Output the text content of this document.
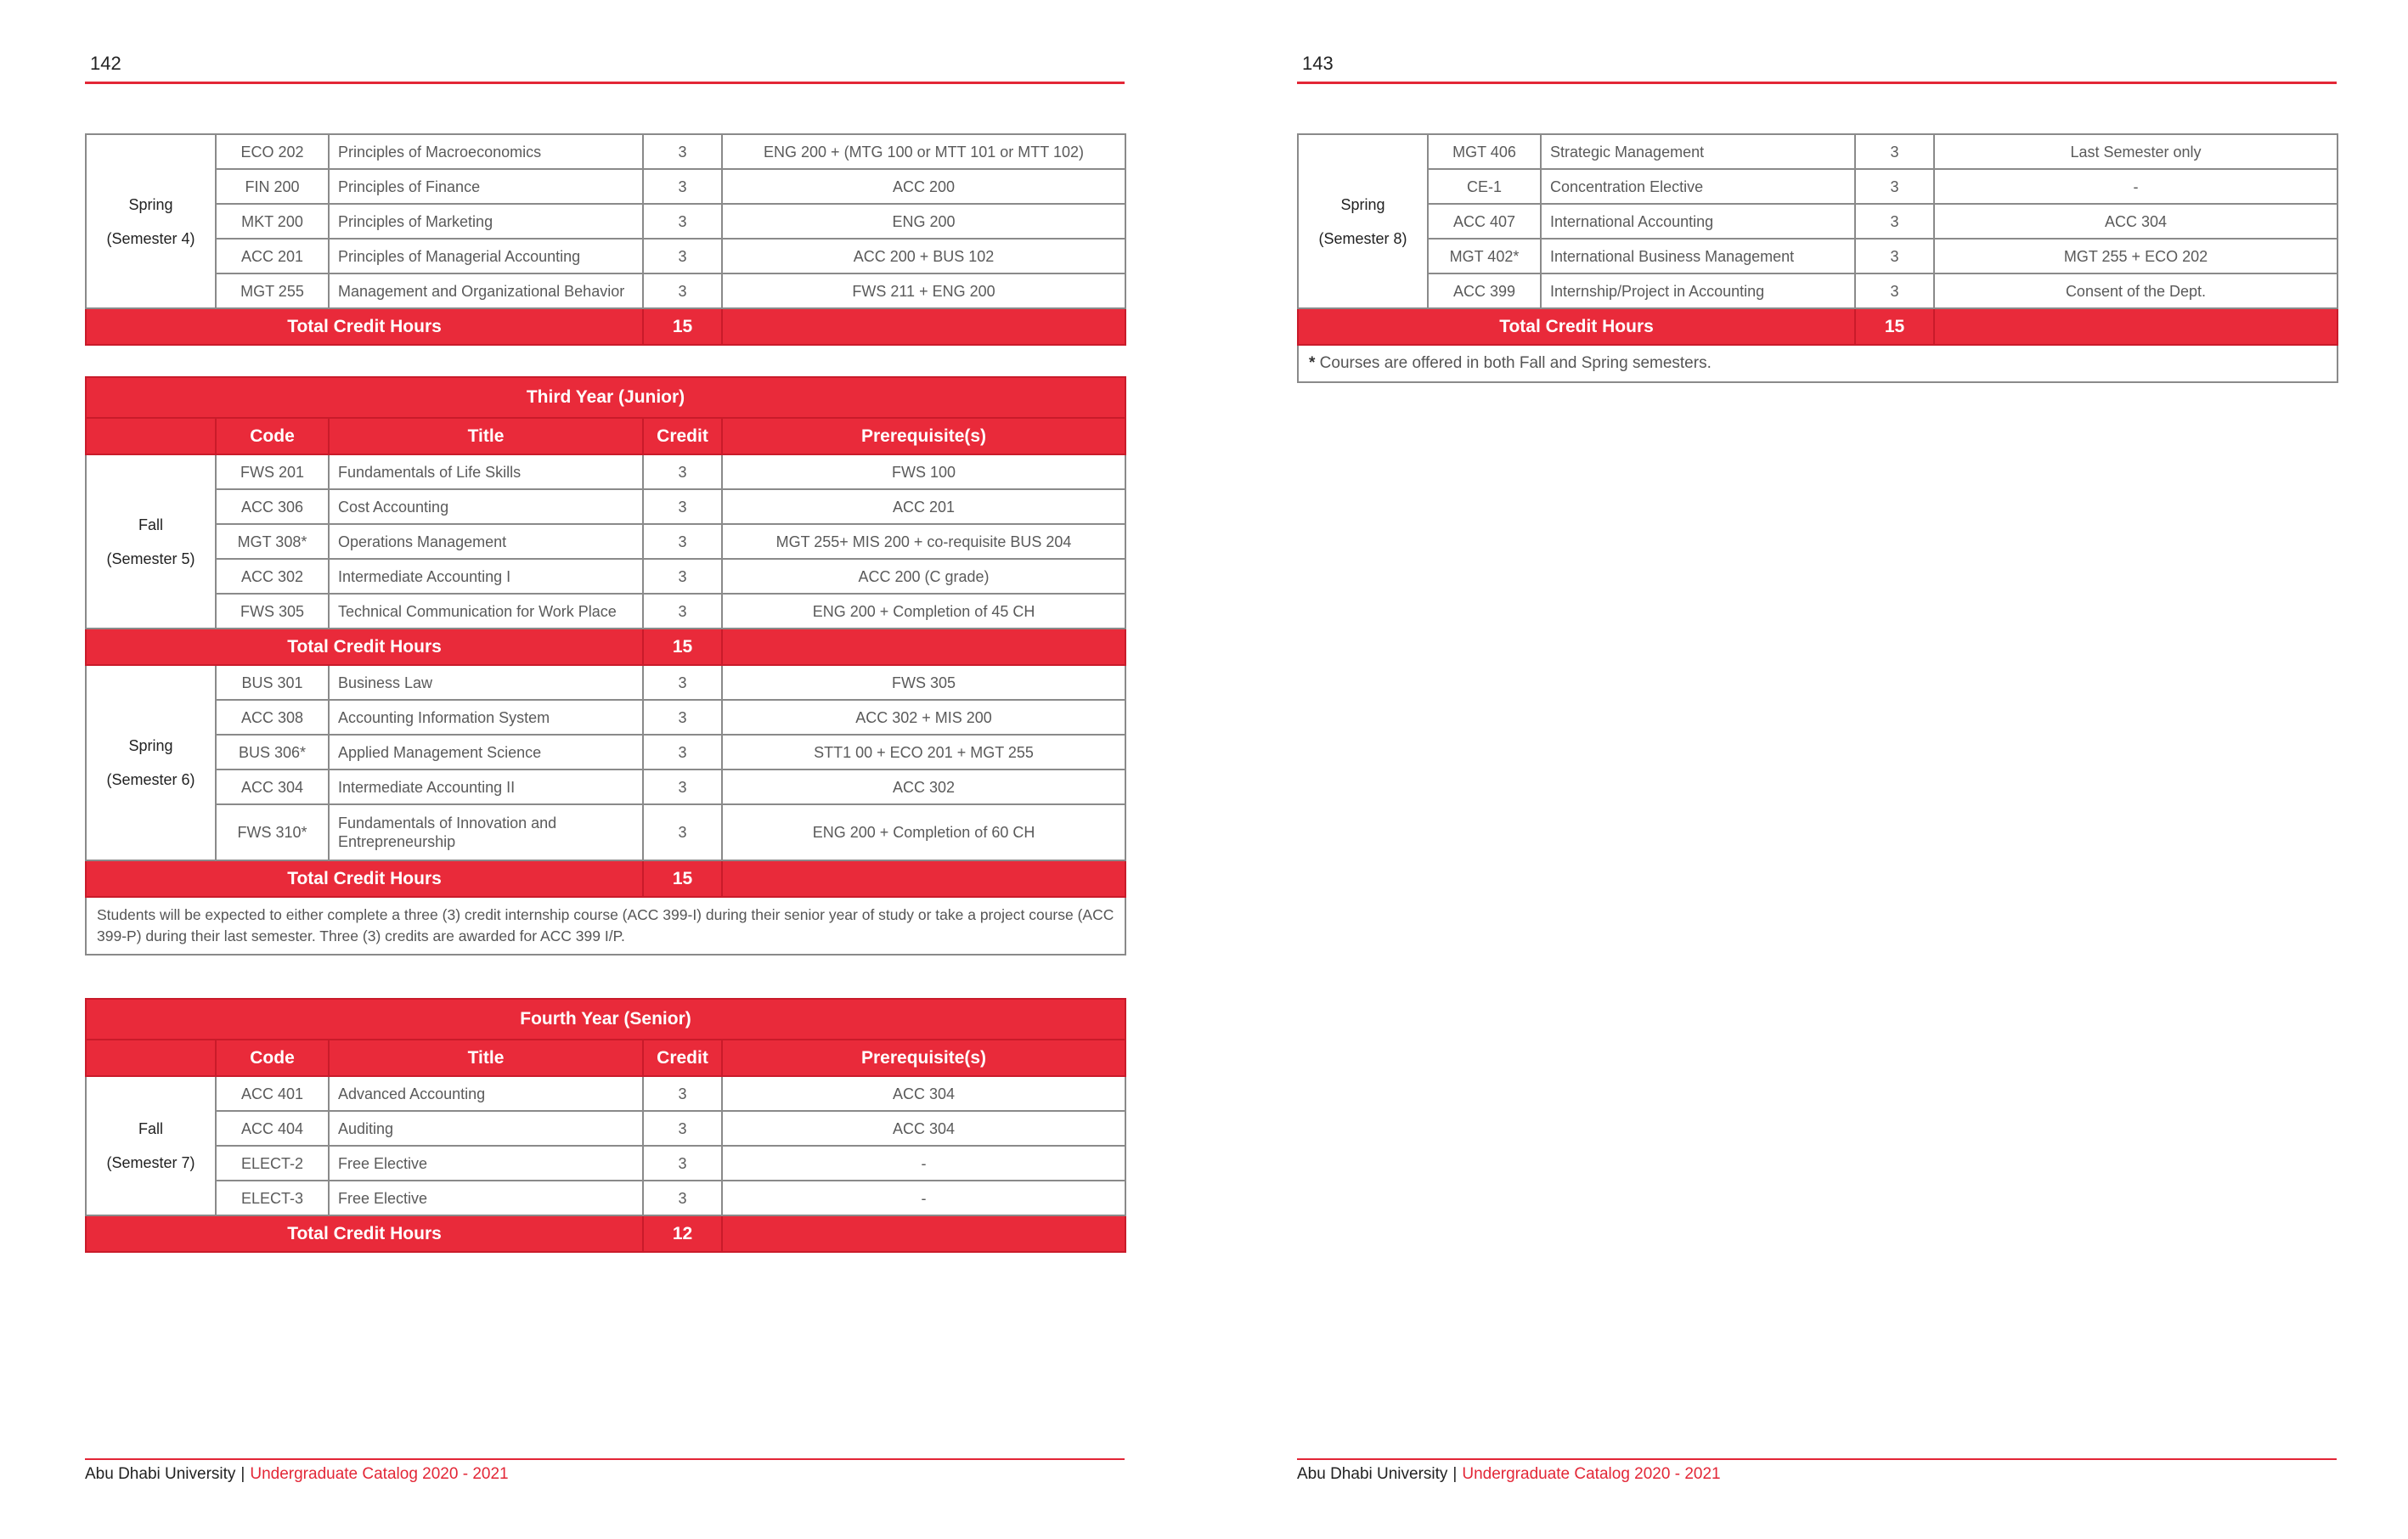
142
Spring
(Semester 4)	ECO 202	Principles of Macroeconomics	3	ENG 200 + (MTG 100 or MTT 101 or MTT 102)
	FIN 200	Principles of Finance	3	ACC 200
	MKT 200	Principles of Marketing	3	ENG 200
	ACC 201	Principles of Managerial Accounting	3	ACC 200 + BUS 102
	MGT 255	Management and Organizational Behavior	3	FWS 211 + ENG 200
Total Credit Hours			15	
Third Year (Junior)				
	Code	Title	Credit	Prerequisite(s)

Fall
(Semester 5)	FWS 201	Fundamentals of Life Skills	3	FWS 100
	ACC 306	Cost Accounting	3	ACC 201
	MGT 308*	Operations Management	3	MGT 255+ MIS 200 + co-requisite BUS 204
	ACC 302	Intermediate Accounting I	3	ACC 200 (C grade)
	FWS 305	Technical Communication for Work Place	3	ENG 200 + Completion of 45 CH
Total Credit Hours			15	

Spring
(Semester 6)	BUS 301	Business Law	3	FWS 305
	ACC 308	Accounting Information System	3	ACC 302 + MIS 200
	BUS 306*	Applied Management Science	3	STT1 00 + ECO 201 + MGT 255
	ACC 304	Intermediate Accounting II	3	ACC 302
	FWS 310*	Fundamentals of Innovation and Entrepreneurship	3	ENG 200 + Completion of 60 CH
Total Credit Hours			15	
Students will be expected to either complete a three (3) credit internship course (ACC 399-I) during their senior year of study or take a project course (ACC 399-P) during their last semester. Three (3) credits are awarded for ACC 399 I/P.				
Fourth Year (Senior)				
	Code	Title	Credit	Prerequisite(s)

Fall
(Semester 7)	ACC 401	Advanced Accounting	3	ACC 304
	ACC 404	Auditing	3	ACC 304
	ELECT-2	Free Elective	3	-
	ELECT-3	Free Elective	3	-
Total Credit Hours			12	
Abu Dhabi University | Undergraduate Catalog 2020 - 2021
143
Spring
(Semester 8)	MGT 406	Strategic Management	3	Last Semester only
	CE-1	Concentration Elective	3	-
	ACC 407	International Accounting	3	ACC 304
	MGT 402*	International Business Management	3	MGT 255 + ECO 202
	ACC 399	Internship/Project in Accounting	3	Consent of the Dept.
Total Credit Hours			15	
* Courses are offered in both Fall and Spring semesters.				
Abu Dhabi University | Undergraduate Catalog 2020 - 2021
